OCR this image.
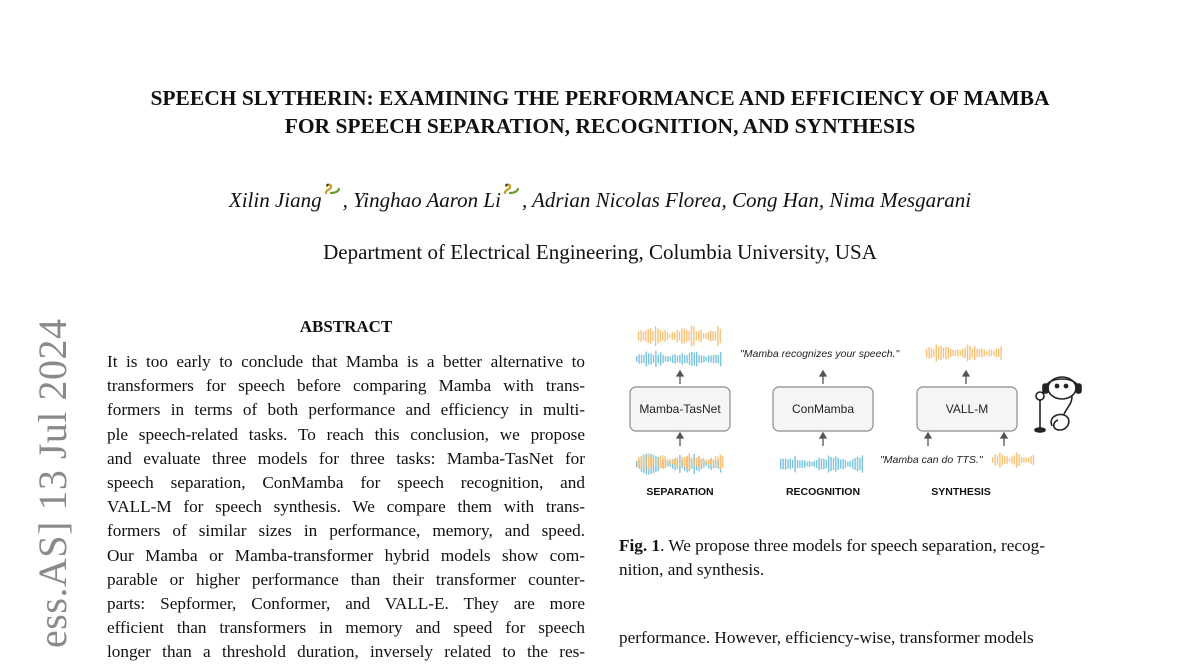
SPEECH SLYTHERIN: EXAMINING THE PERFORMANCE AND EFFICIENCY OF MAMBA
FOR SPEECH SEPARATION, RECOGNITION, AND SYNTHESIS
Xilin Jiang , Yinghao Aaron Li , Adrian Nicolas Florea, Cong Han, Nima Mesgarani
Department of Electrical Engineering, Columbia University, USA
ess.AS] 13 Jul 2024	ABSTRACT
It is too early to conclude that Mamba is a better alternative to
transformers for speech before comparing Mamba with trans-
formers in terms of both performance and efficiency in multi-
ple speech-related tasks. To reach this conclusion, we propose
and evaluate three models for three tasks: Mamba-TasNet for
speech separation, ConMamba for speech recognition, and
VALL-M for speech synthesis. We compare them with trans-
formers of similar sizes in performance, memory, and speed.
Our Mamba or Mamba-transformer hybrid models show com-
parable or higher performance than their transformer counter-
parts: Sepformer, Conformer, and VALL-E. They are more
efficient than transformers in memory and speed for speech
longer than a threshold duration, inversely related to the res-
Mamba-TasNet	ConMamba	VALL-M
"Mamba recognizes your speech."
"Mamba can do TTS."
SEPARATION	RECOGNITION	SYNTHESIS
Fig. 1. We propose three models for speech separation, recog-
nition, and synthesis.
performance. However, efficiency-wise, transformer models
